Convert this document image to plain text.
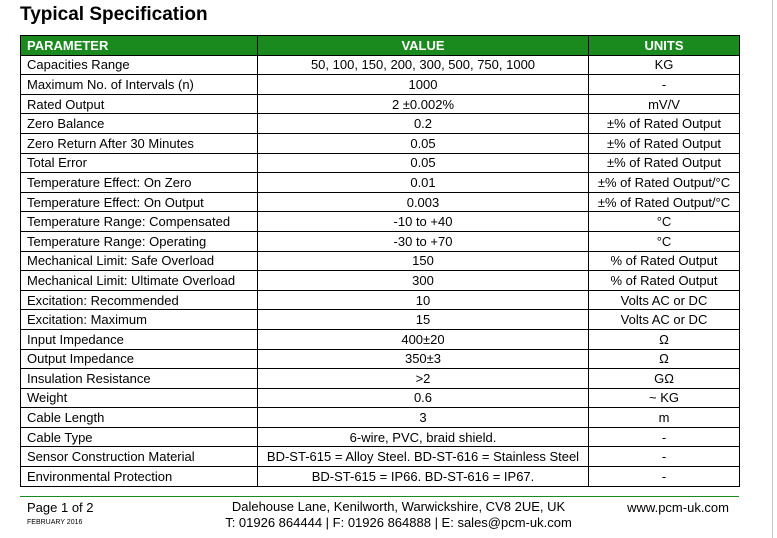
Typical Specification
PARAMETER	VALUE	UNITS
Capacities Range	50, 100, 150, 200, 300, 500, 750, 1000	KG
Maximum No. of Intervals (n)	1000	-
Rated Output	2 ±0.002%	mV/V
Zero Balance	0.2	±% of Rated Output
Zero Return After 30 Minutes	0.05	±% of Rated Output
Total Error	0.05	±% of Rated Output
Temperature Effect: On Zero	0.01	±% of Rated Output/°C
Temperature Effect: On Output	0.003	±% of Rated Output/°C
Temperature Range: Compensated	-10 to +40	°C
Temperature Range: Operating	-30 to +70	°C
Mechanical Limit: Safe Overload	150	% of Rated Output
Mechanical Limit: Ultimate Overload	300	% of Rated Output
Excitation: Recommended	10	Volts AC or DC
Excitation: Maximum	15	Volts AC or DC
Input Impedance	400±20	Ω
Output Impedance	350±3	Ω
Insulation Resistance	>2	GΩ
Weight	0.6	~ KG
Cable Length	3	m
Cable Type	6-wire, PVC, braid shield.	-
Sensor Construction Material	BD-ST-615 = Alloy Steel. BD-ST-616 = Stainless Steel	-
Environmental Protection	BD-ST-615 = IP66. BD-ST-616 = IP67.	-
Page 1 of 2
FEBRUARY 2016
Dalehouse Lane, Kenilworth, Warwickshire, CV8 2UE, UK
T: 01926 864444 | F: 01926 864888 | E: sales@pcm-uk.com
www.pcm-uk.com
